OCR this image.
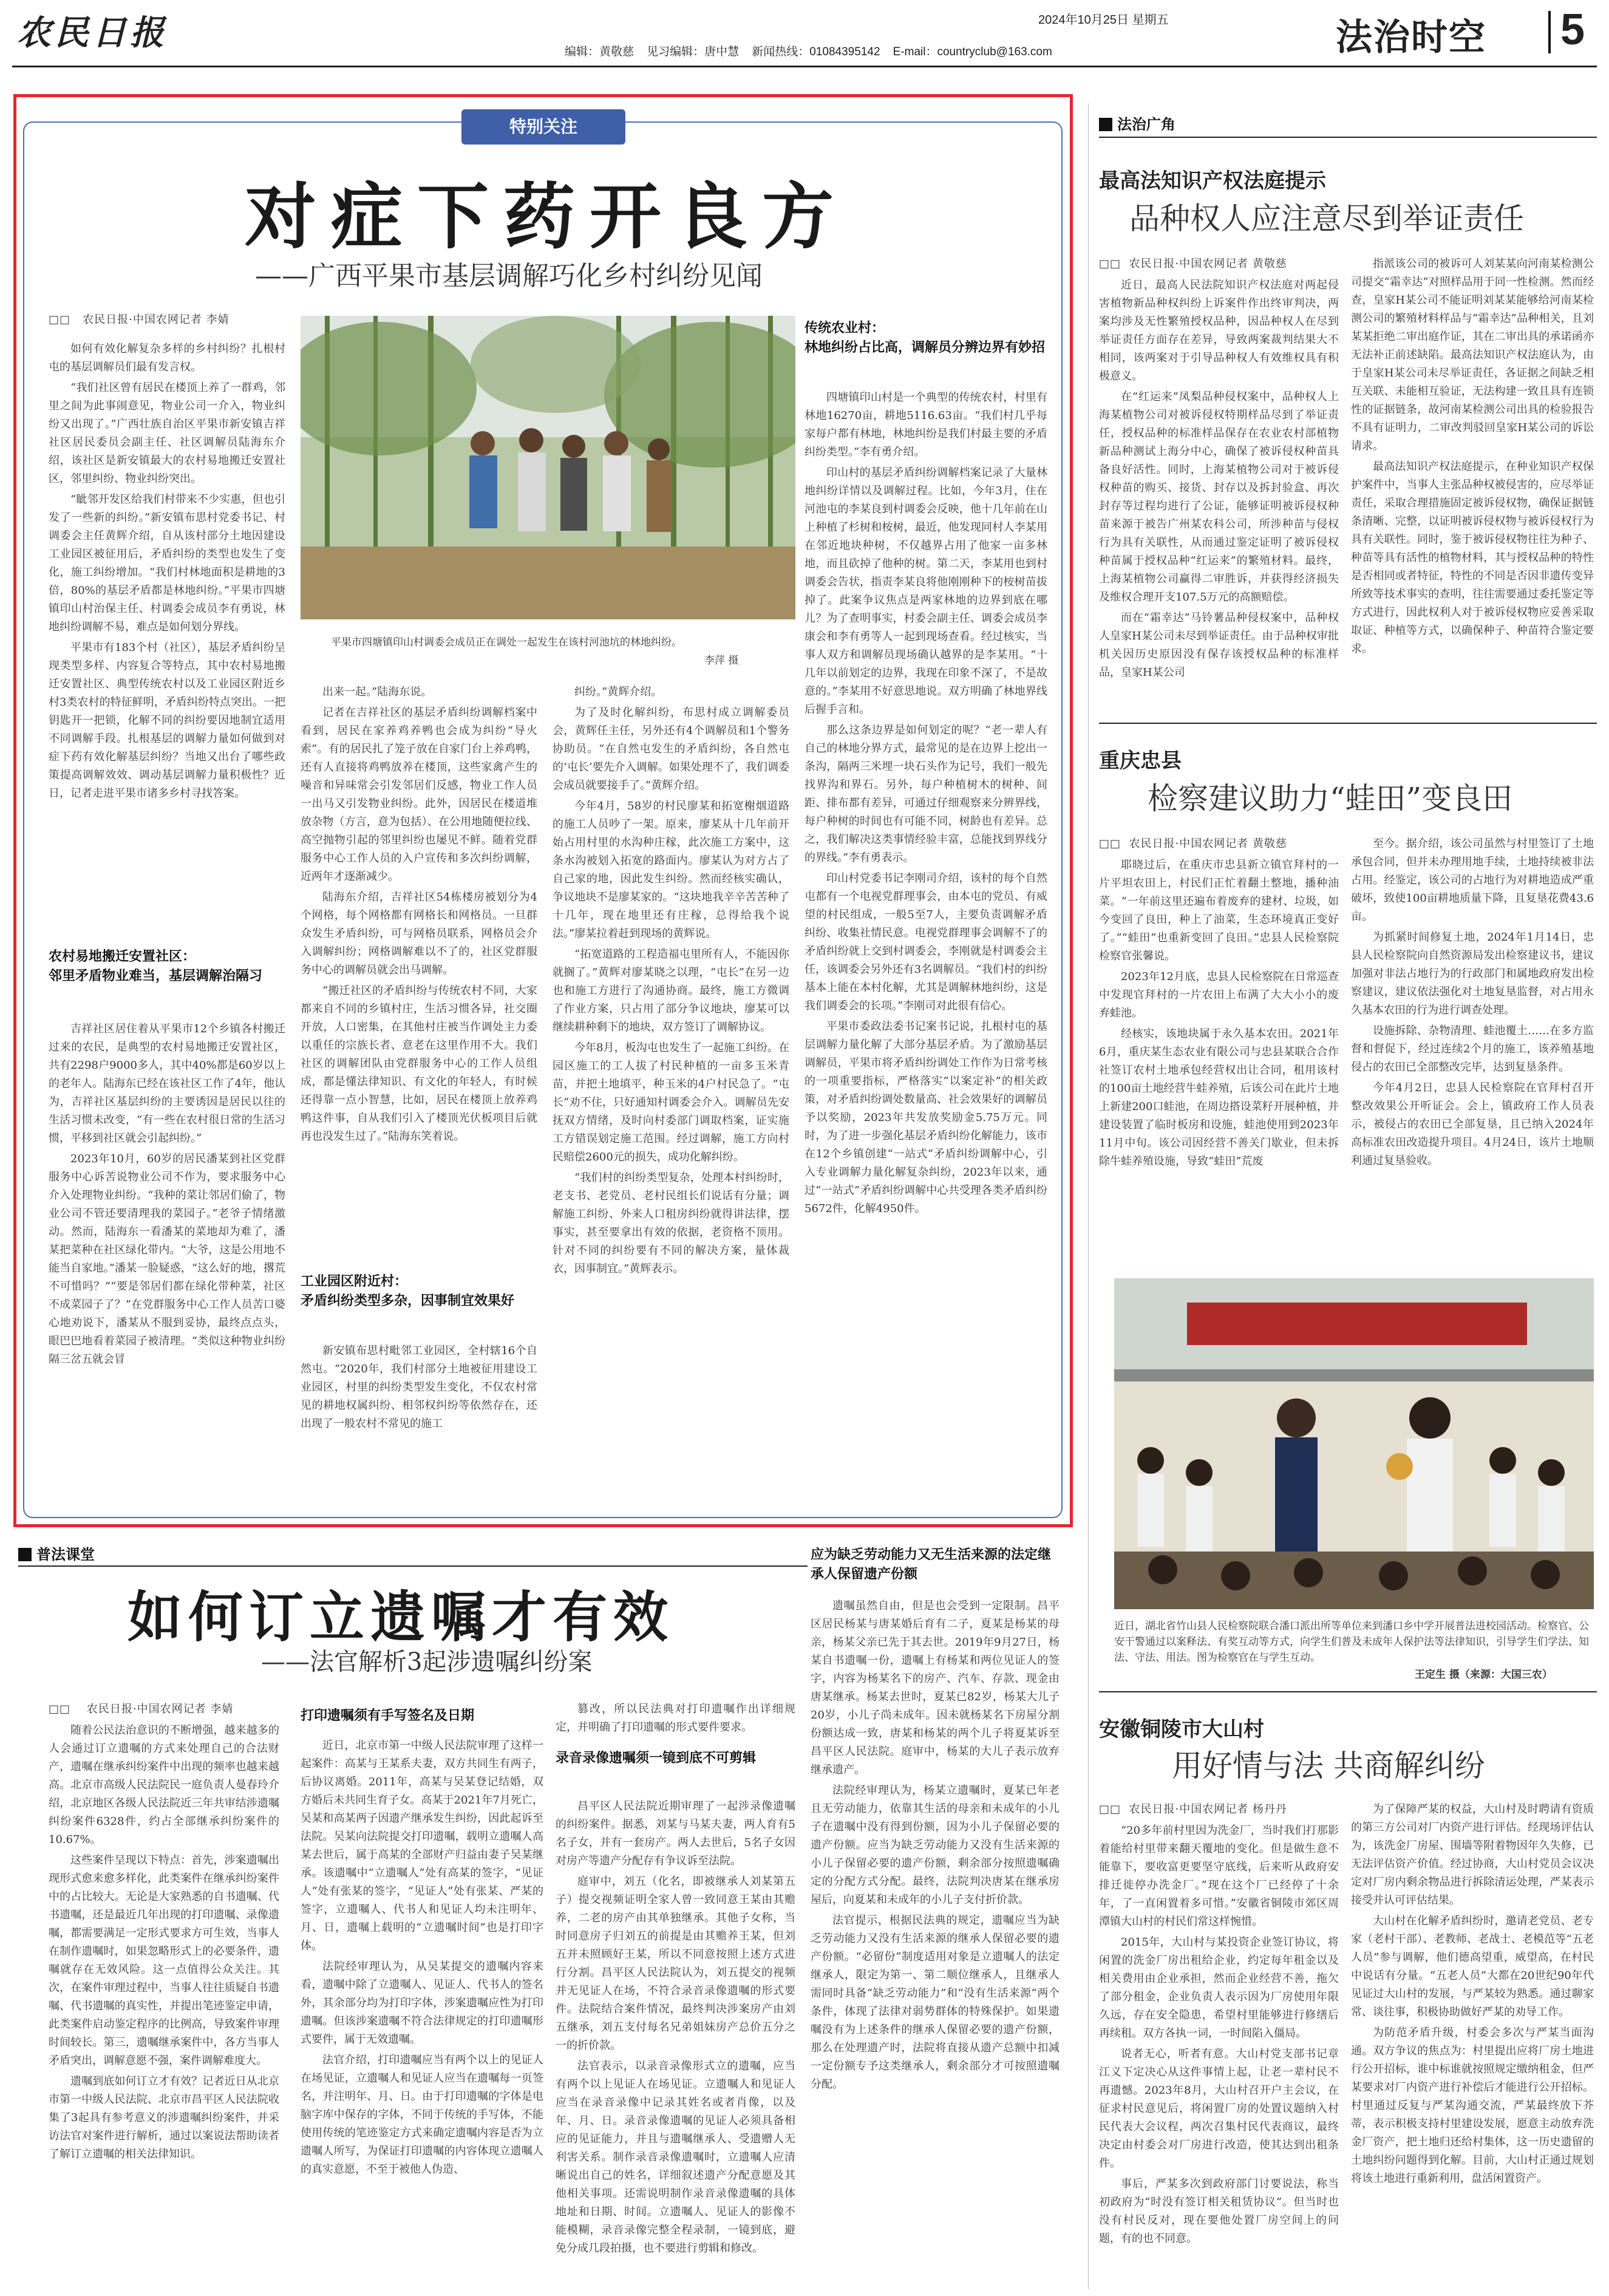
农民日报	2024年10月25日 星期五
编辑：黄敬慈 见习编辑：唐中慧 新闻热线：01084395142 E-mail：countryclub@163.com	法治时空 5
特别关注
对症下药开良方
——广西平果市基层调解巧化乡村纠纷见闻
□□   农民日报·中国农网记者 李婧

如何有效化解复杂多样的乡村纠纷？扎根村屯的基层调解员们最有发言权。

“我们社区曾有居民在楼顶上养了一群鸡，邻里之间为此事闹意见，物业公司一介入，物业纠纷又出现了。”广西壮族自治区平果市新安镇吉祥社区居民委员会副主任、社区调解员陆海东介绍，该社区是新安镇最大的农村易地搬迁安置社区，邻里纠纷、物业纠纷突出。

“眦邻开发区给我们村带来不少实惠，但也引发了一些新的纠纷。”新安镇布思村党委书记、村调委会主任黄辉介绍，自从该村部分土地因建设工业园区被征用后，矛盾纠纷的类型也发生了变化，施工纠纷增加。“我们村林地面积是耕地的3倍，80%的基层矛盾都是林地纠纷。”平果市四塘镇印山村治保主任、村调委会成员李有勇说，林地纠纷调解不易，难点是如何划分界线。

平果市有183个村（社区），基层矛盾纠纷呈现类型多样、内容复合等特点，其中农村易地搬迁安置社区、典型传统农村以及工业园区附近乡村3类农村的特征鲜明，矛盾纠纷特点突出。一把钥匙开一把锁，化解不同的纠纷要因地制宜适用不同调解手段。扎根基层的调解力量如何做到对症下药有效化解基层纠纷？当地又出台了哪些政策提高调解效效、调动基层调解力量积极性？近日，记者走进平果市诸多乡村寻找答案。

农村易地搬迁安置社区：
邻里矛盾物业难当，基层调解治隔习

吉祥社区居住着从平果市12个乡镇各村搬迁过来的农民，是典型的农村易地搬迁安置社区，共有2298户9000多人，其中40%都是60岁以上的老年人。陆海东已经在该社区工作了4年，他认为，吉祥社区基层纠纷的主要诱因是居民以往的生活习惯未改变，“有一些在农村很日常的生活习惯，平移到社区就会引起纠纷。”

2023年10月，60岁的居民潘某到社区党群服务中心诉苦说物业公司不作为，要求服务中心介入处理物业纠纷。“我种的菜让邻居们偷了，物业公司不管还要清理我的菜园子。”老爷子情绪激动。然而，陆海东一看潘某的菜地却为难了，潘某把菜种在社区绿化带内。“大爷，这是公用地不能当自家地。”潘某一脸疑惑，“这么好的地，撂荒不可惜吗？”“要是邻居们都在绿化带种菜，社区不成菜园子了？”在党群服务中心工作人员苦口婆心地劝说下，潘某从不服到妥协，最终点点头，眼巴巴地看着菜园子被清理。“类似这种物业纠纷隔三岔五就会冒

平果市四塘镇印山村调委会成员正在调处一起发生在该村河池坑的林地纠纷。
李萍 摄

出来一起。”陆海东说。

记者在吉祥社区的基层矛盾纠纷调解档案中看到，居民在家养鸡养鸭也会成为纠纷“导火索”。有的居民扎了笼子放在自家门台上养鸡鸭，还有人直接将鸡鸭放养在楼顶，这些家禽产生的噪音和异味常会引发邻居们反感，物业工作人员一出马又引发物业纠纷。此外，因居民在楼道堆放杂物（方言，意为包括）、在公用地随便拉线、高空抛物引起的邻里纠纷也屡见不鲜。随着党群服务中心工作人员的入户宣传和多次纠纷调解，近两年才逐渐减少。

陆海东介绍，吉祥社区54栋楼房被划分为4个网格，每个网格都有网格长和网格员。一旦群众发生矛盾纠纷，可与网格员联系，网格员会介入调解纠纷；网格调解难以不了的，社区党群服务中心的调解员就会出马调解。

“搬迁社区的矛盾纠纷与传统农村不同，大家都来自不同的乡镇村庄，生活习惯各异，社交圈开放，人口密集，在其他村庄被当作调处主力委以重任的宗族长者、意老在这里作用不大。我们社区的调解团队由党群服务中心的工作人员组成，都是懂法律知识、有文化的年轻人，有时候还得靠一点小智慧，比如，居民在楼顶上放养鸡鸭这件事，自从我们引入了楼顶光伏板项目后就再也没发生过了。”陆海东笑着说。

工业园区附近村：
矛盾纠纷类型多杂，因事制宜效果好

新安镇布思村毗邻工业园区，全村辖16个自然屯。“2020年，我们村部分土地被征用建设工业园区，村里的纠纷类型发生变化，不仅农村常见的耕地权属纠纷、相邻权纠纷等依然存在，还出现了一般农村不常见的施工

纠纷。”黄辉介绍。

为了及时化解纠纷，布思村成立调解委员会，黄辉任主任，另外还有4个调解员和1个警务协助员。“在自然屯发生的矛盾纠纷，各自然屯的‘屯长’要先介入调解。如果处理不了，我们调委会成员就要接手了。”黄辉介绍。

今年4月，58岁的村民廖某和拓宽榭烟道路的施工人员吵了一架。原来，廖某从十几年前开始占用村里的水沟种庄稼，此次施工方案中，这条水沟被划入拓宽的路面内。廖某认为对方占了自己家的地，因此发生纠纷。然而经核实确认，争议地块不是廖某家的。“这块地我辛辛苦苦种了十几年，现在地里还有庄稼，总得给我个说法。”廖某拉着赶到现场的黄辉说。

“拓宽道路的工程造福屯里所有人，不能因你就搁了。”黄辉对廖某晓之以理，“屯长”在另一边也和施工方进行了沟通协商。最终，施工方微调了作业方案，只占用了部分争议地块，廖某可以继续耕种剩下的地块，双方签订了调解协议。

今年8月，板沟屯也发生了一起施工纠纷。在园区施工的工人拔了村民种植的一亩多玉米青苗，并把土地填平，种玉米的4户村民急了。“屯长”劝不住，只好通知村调委会介入。调解员先安抚双方情绪，及时向村委部门调取档案，证实施工方错误划定施工范围。经过调解，施工方向村民赔偿2600元的损失，成功化解纠纷。

“我们村的纠纷类型复杂，处理本村纠纷时，老支书、老党员、老村民组长们说话有分量；调解施工纠纷、外来人口租房纠纷就得讲法律，摆事实，甚至要拿出有效的依据，老资格不顶用。针对不同的纠纷要有不同的解决方案，量体裁衣，因事制宜。”黄辉表示。

传统农业村：
林地纠纷占比高，调解员分辨边界有妙招

四塘镇印山村是一个典型的传统农村，村里有林地16270亩，耕地5116.63亩。“我们村几乎每家每户都有林地，林地纠纷是我们村最主要的矛盾纠纷类型。”李有勇介绍。

印山村的基层矛盾纠纷调解档案记录了大量林地纠纷详情以及调解过程。比如，今年3月，住在河池屯的李某良到村调委会反映，他十几年前在山上种植了杉树和桉树，最近，他发现同村人李某用在邻近地块种树，不仅越界占用了他家一亩多林地，而且砍掉了他种的树。第二天，李某用也到村调委会告状，指责李某良将他刚刚种下的桉树苗拔掉了。此案争议焦点是两家林地的边界到底在哪儿？为了查明事实，村委会副主任、调委会成员李康会和李有勇等人一起到现场查看。经过核实，当事人双方和调解员现场确认越界的是李某用。“十几年以前划定的边界，我现在印象不深了，不是故意的。”李某用不好意思地说。双方明确了林地界线后握手言和。

那么这条边界是如何划定的呢？“老一辈人有自己的林地分界方式，最常见的是在边界上挖出一条沟，隔两三米埋一块石头作为记号，我们一般先找界沟和界石。另外，每户种植树木的树种、间距、排布都有差异，可通过仔细观察来分辨界线，每户种树的时间也有可能不同，树龄也有差异。总之，我们解决这类事情经验丰富，总能找到界线分的界线。”李有勇表示。

印山村党委书记李刚司介绍，该村的每个自然屯都有一个电视党群理事会，由本屯的党员、有威望的村民组成，一般5至7人，主要负责调解矛盾纠纷、收集社情民意。电视党群理事会调解不了的矛盾纠纷就上交到村调委会，李刚就是村调委会主任，该调委会另外还有3名调解员。“我们村的纠纷基本上能在本村化解，尤其是调解林地纠纷，这是我们调委会的长项。”李刚司对此很有信心。

平果市委政法委书记案书记说，扎根村屯的基层调解力量化解了大部分基层矛盾。为了激励基层调解员，平果市将矛盾纠纷调处工作作为日常考核的一项重要指标，严格落实“以案定补”的相关政策，对矛盾纠纷调处数量高、社会效果好的调解员予以奖励，2023年共发放奖励金5.75万元。同时，为了进一步强化基层矛盾纠纷化解能力，该市在12个乡镇创建“一站式”矛盾纠纷调解中心，引入专业调解力量化解复杂纠纷，2023年以来，通过“一站式”矛盾纠纷调解中心共受理各类矛盾纠纷5672件，化解4950件。

法治广角
最高法知识产权法庭提示
品种权人应注意尽到举证责任
□□  农民日报·中国农网记者 黄敬慈

近日，最高人民法院知识产权法庭对两起侵害植物新品种权纠纷上诉案件作出终审判决，两案均涉及无性繁殖授权品种，因品种权人在尽到举证责任方面存在差异，导致两案裁判结果大不相同，该两案对于引导品种权人有效维权具有积极意义。

在“红运来”凤梨品种侵权案中，品种权人上海某植物公司对被诉侵权特期样品尽到了举证责任，授权品种的标准样品保存在农业农村部植物新品种测试上海分中心，确保了被诉侵权种苗具备良好活性。同时，上海某植物公司对于被诉侵权种苗的购买、接货、封存以及拆封验盒、再次封存等过程均进行了公证，能够证明被诉侵权种苗来源于被告广州某农科公司，所涉种苗与侵权行为具有关联性，从而通过鉴定证明了被诉侵权种苗属于授权品种“红运来”的繁殖材料。最终，上海某植物公司赢得二审胜诉，并获得经济损失及维权合理开支107.5万元的高额赔偿。

而在“霜幸达”马铃薯品种侵权案中，品种权人皇家H某公司未尽到举证责任。由于品种权审批机关因历史原因没有保存该授权品种的标准样品，皇家H某公司

指派该公司的被诉可人刘某某向河南某检测公司提交“霜幸达”对照样品用于同一性检测。然而经查，皇家H某公司不能证明刘某某能够给河南某检测公司的繁殖材料样品与“霜幸达”品种相关，且刘某某拒绝二审出庭作证，其在二审出具的承诺函亦无法补正前述缺陷。最高法知识产权法庭认为，由于皇家H某公司未尽举证责任，各证据之间缺乏相互关联、未能相互验证，无法构建一致且具有连锁性的证据链条，故河南某检测公司出具的检验报告不具有证明力，二审改判驳回皇家H某公司的诉讼请求。

最高法知识产权法庭提示，在种业知识产权保护案件中，当事人主张品种权被侵害的，应尽举证责任，采取合理措施固定被诉侵权物，确保证据链条清晰、完整，以证明被诉侵权物与被诉侵权行为具有关联性。同时，鉴于被诉侵权物往往为种子、种苗等具有活性的植物材料，其与授权品种的特性是否相同或者特征，特性的不同是否因非遗传变异所致等技术事实的查明，往往需要通过委托鉴定等方式进行，因此权利人对于被诉侵权物应妥善采取取证、种植等方式，以确保种子、种苗符合鉴定要求。

重庆忠县
检察建议助力“蛙田”变良田
□□  农民日报·中国农网记者 黄敬慈

耶晓过后，在重庆市忠县新立镇官拜村的一片平坦农田上，村民们正忙着翻土整地，播种油菜。“一年前这里还遍布着废弃的建材、垃圾，如今变回了良田，种上了油菜，生态环境真正变好了。”“蛙田”也重新变回了良田。”忠县人民检察院检察官张馨说。

2023年12月底，忠县人民检察院在日常巡查中发现官拜村的一片农田上布满了大大小小的废弃蛙池。

经核实，该地块属于永久基本农田。2021年6月，重庆某生态农业有限公司与忠县某联合合作社签订农村土地承包经营权出让合同，租用该村的100亩土地经营牛蛙养殖，后该公司在此片土地上新建200口蛙池，在周边搭设菜籽开展种植，并建设装置了临时板房和设施，蛙池使用到2023年11月中旬。该公司因经营不善关门歇业，但未拆除牛蛙养殖设施，导致“蛙田”荒废

至今。据介绍，该公司虽然与村里签订了土地承包合同，但并未办理用地手续，土地持续被非法占用。经鉴定，该公司的占地行为对耕地造成严重破坏，致使100亩耕地质量下降，且复垦花费43.6亩。

为抓紧时间修复土地，2024年1月14日，忠县人民检察院向自然资源局发出检察建议书，建议加强对非法占地行为的行政部门和属地政府发出检察建议，建议依法强化对土地复垦监督，对占用永久基本农田的行为进行调查处理。

设施拆除、杂物清理、蛙池覆土……在多方监督和督促下，经过连续2个月的施工，该养殖基地侵占的农田已全部整改完毕，达到复垦条件。

今年4月2日，忠县人民检察院在官拜村召开整改效果公开听证会。会上，镇政府工作人员表示，被侵占的农田已全部复垦，且已纳入2024年高标准农田改造提升项目。4月24日，该片土地顺利通过复垦验收。

近日，湖北省竹山县人民检察院联合潘口派出所等单位来到潘口乡中学开展普法进校园活动。检察官、公安干警通过以案释法、有奖互动等方式，向学生们普及未成年人保护法等法律知识，引导学生们学法、知法、守法、用法。图为检察官在与学生互动。
王定生 摄（来源：大国三农）
安徽铜陵市大山村
用好情与法 共商解纠纷
□□  农民日报·中国农网记者 杨丹丹

“20多年前村里因为洗金厂，当时我们打那影着能给村里带来翻天覆地的变化。但是做生意不能靠下，要收富更要坚守底线，后来听从政府安排迁徙停办洗金厂。”现在这个厂已经停了十余年，了一直闲置着多可惜。”安徽省铜陵市郊区周潭镇大山村的村民们常这样惋惜。

2015年，大山村与某投资企业签订协议，将闲置的洗金厂房出租给企业，约定每年租金以及相关费用由企业承担，然而企业经营不善，拖欠了部分租金，企业负责人表示因为厂房使用年限久远，存在安全隐患，希望村里能够进行修缮后再续租。双方各执一词，一时间陷入僵局。

说者无心，听者有意。大山村党支部书记章江义下定决心从这件事情上起，让老一辈村民不再遗憾。2023年8月，大山村召开户主会议，在征求村民意见后，将闲置厂房的处置议题纳入村民代表大会议程，两次召集村民代表商议，最终决定由村委会对厂房进行改造，使其达到出租条件。

事后，严某多次到政府部门讨要说法，称当初政府为“时没有签订相关租赁协议”。但当时也没有村民反对，现在要他处置厂房空间上的问题，有的也不同意。

为了保障严某的权益，大山村及时聘请有资质的第三方公司对厂内资产进行评估。经现场评估认为，该洗金厂房屋、围墙等附着物因年久失修，已无法评估资产价值。经过协商，大山村党员会议决定对厂房内剩余物品进行拆除清运处理，严某表示接受并认可评估结果。

大山村在化解矛盾纠纷时，邀请老党员、老专家（老村干部）、老教师、老战士、老模范等“五老人员”参与调解，他们德高望重，威望高，在村民中说话有分量。“五老人员”大都在20世纪90年代见证过大山村的发展，与严某较为熟悉。通过聊家常、谈往事，积极协助做好严某的劝导工作。

为防范矛盾升级，村委会多次与严某当面沟通。双方争议的焦点为：村里提出应将厂房土地进行公开招标，谁中标谁就按照规定缴纳租金，但严某要求对厂内资产进行补偿后才能进行公开招标。村里通过反复与严某沟通交流，严某最终放下芥蒂，表示积极支持村里建设发展，愿意主动放弃洗金厂资产，把土地归还给村集体，这一历史遗留的土地纠纷问题得到化解。目前，大山村正通过规划将该土地进行重新利用，盘活闲置资产。

普法课堂
如何订立遗嘱才有效
——法官解析3起涉遗嘱纠纷案
□□    农民日报·中国农网记者 李婧

随着公民法治意识的不断增强，越来越多的人会通过订立遗嘱的方式来处理自己的合法财产，遗嘱在继承纠纷案件中出现的频率也越来越高。北京市高级人民法院民一庭负责人曼春玲介绍，北京地区各级人民法院近三年共审结涉遗嘱纠纷案件6328件，约占全部继承纠纷案件的10.67%。

这些案件呈现以下特点：首先，涉案遗嘱出现形式愈来愈多样化，此类案件在继承纠纷案件中的占比较大。无论是大家熟悉的自书遗嘱、代书遗嘱，还是最近几年出现的打印遗嘱、录像遗嘱，都需要满足一定形式要求方可生效，当事人在制作遗嘱时，如果忽略形式上的必要条件，遗嘱就存在无效风险。这一点值得公众关注。其次，在案件审理过程中，当事人往往质疑自书遗嘱、代书遗嘱的真实性，并提出笔迹鉴定申请，此类案件启动鉴定程序的比例高，导致案件审理时间较长。第三，遗嘱继承案件中，各方当事人矛盾突出，调解意愿不强，案件调解难度大。

遗嘱到底如何订立才有效？记者近日从北京市第一中级人民法院、北京市昌平区人民法院收集了3起具有参考意义的涉遗嘱纠纷案件，并采访法官对案件进行解析，通过以案说法帮助读者了解订立遗嘱的相关法律知识。

打印遗嘱须有手写签名及日期

近日，北京市第一中级人民法院审理了这样一起案件：高某与王某系夫妻，双方共同生有两子，后协议离婚。2011年，高某与吴某登记结婚，双方婚后未共同生育子女。高某于2021年7月死亡，吴某和高某两子因遗产继承发生纠纷，因此起诉至法院。吴某向法院提交打印遗嘱，载明立遗嘱人高某去世后，属于高某的全部财产归益由妻子吴某继承。该遗嘱中“立遗嘱人”处有高某的签字，“见证人”处有张某的签字，“见证人”处有张某、严某的签字，立遗嘱人、代书人和见证人均未注明年、月、日，遗嘱上载明的“立遗嘱时间”也是打印字体。

法院经审理认为，从吴某提交的遗嘱内容来看，遗嘱中除了立遗嘱人、见证人、代书人的签名外，其余部分均为打印字体，涉案遗嘱应性为打印遗嘱。但该涉案遗嘱不符合法律规定的打印遗嘱形式要件，属于无效遗嘱。

法官介绍，打印遗嘱应当有两个以上的见证人在场见证，立遗嘱人和见证人应当在遗嘱每一页签名，并注明年、月、日。由于打印遗嘱的字体是电脑字库中保存的字体，不同于传统的手写体，不能使用传统的笔迹鉴定方式来确定遗嘱内容是否为立遗嘱人所写，为保证打印遗嘱的内容体现立遗嘱人的真实意愿，不至于被他人伪造、

篡改，所以民法典对打印遗嘱作出详细规定，并明确了打印遗嘱的形式要件要求。

录音录像遗嘱须一镜到底不可剪辑

昌平区人民法院近期审理了一起涉录像遗嘱的纠纷案件。据悉，刘某与马某夫妻，两人育有5名子女，并有一套房产。两人去世后，5名子女因对房产等遗产分配存有争议诉至法院。

庭审中，刘五（化名，即被继承人刘某第五子）提交视频证明全家人曾一致同意王某由其赡养，二老的房产由其单独继承。其他子女称，当时同意房子归刘五的前提是由其赡养王某，但刘五并未照顾好王某，所以不同意按照上述方式进行分割。昌平区人民法院认为，刘五提交的视频并无见证人在场，不符合录音录像遗嘱的形式要件。法院结合案件情况，最终判决涉案房产由刘五继承，刘五支付每名兄弟姐妹房产总价五分之一的折价款。

法官表示，以录音录像形式立的遗嘱，应当有两个以上见证人在场见证。立遗嘱人和见证人应当在录音录像中记录其姓名或者肖像，以及年、月、日。录音录像遗嘱的见证人必须具备相应的见证能力，并且与遗嘱继承人、受遗赠人无利害关系。制作录音录像遗嘱时，立遗嘱人应清晰说出自己的姓名，详细叙述遗产分配意愿及其他相关事项。还需说明制作录音录像遗嘱的具体地址和日期、时间。立遗嘱人、见证人的影像不能模糊，录音录像完整全程录制，一镜到底，避免分成几段拍摄，也不要进行剪辑和修改。

应为缺乏劳动能力又无生活来源的法定继承人保留遗产份额

遗嘱虽然自由，但是也会受到一定限制。昌平区居民杨某与唐某婚后育有二子，夏某是杨某的母亲，杨某父亲已先于其去世。2019年9月27日，杨某自书遗嘱一份，遗嘱上有杨某和两位见证人的签字，内容为杨某名下的房产、汽车、存款、现金由唐某继承。杨某去世时，夏某已82岁，杨某大儿子20岁，小儿子尚未成年。因未就杨某名下房屋分割份额达成一致，唐某和杨某的两个儿子将夏某诉至昌平区人民法院。庭审中，杨某的大儿子表示放弃继承遗产。

法院经审理认为，杨某立遗嘱时，夏某已年老且无劳动能力，依靠其生活的母亲和未成年的小儿子在遗嘱中没有得到份额，因为小儿子保留必要的遗产份额。应当为缺乏劳动能力又没有生活来源的小儿子保留必要的遗产份额，剩余部分按照遗嘱确定的分配方式分配。最终，法院判决唐某在继承房屋后，向夏某和未成年的小儿子支付折价款。

法官提示，根据民法典的规定，遗嘱应当为缺乏劳动能力又没有生活来源的继承人保留必要的遗产份额。“必留份”制度适用对象是立遗嘱人的法定继承人，限定为第一、第二顺位继承人，且继承人需同时具备“缺乏劳动能力”和“没有生活来源”两个条件，体现了法律对弱势群体的特殊保护。如果遗嘱没有为上述条件的继承人保留必要的遗产份额，那么在处理遗产时，法院将直接从遗产总额中扣减一定份额专予这类继承人，剩余部分才可按照遗嘱分配。
